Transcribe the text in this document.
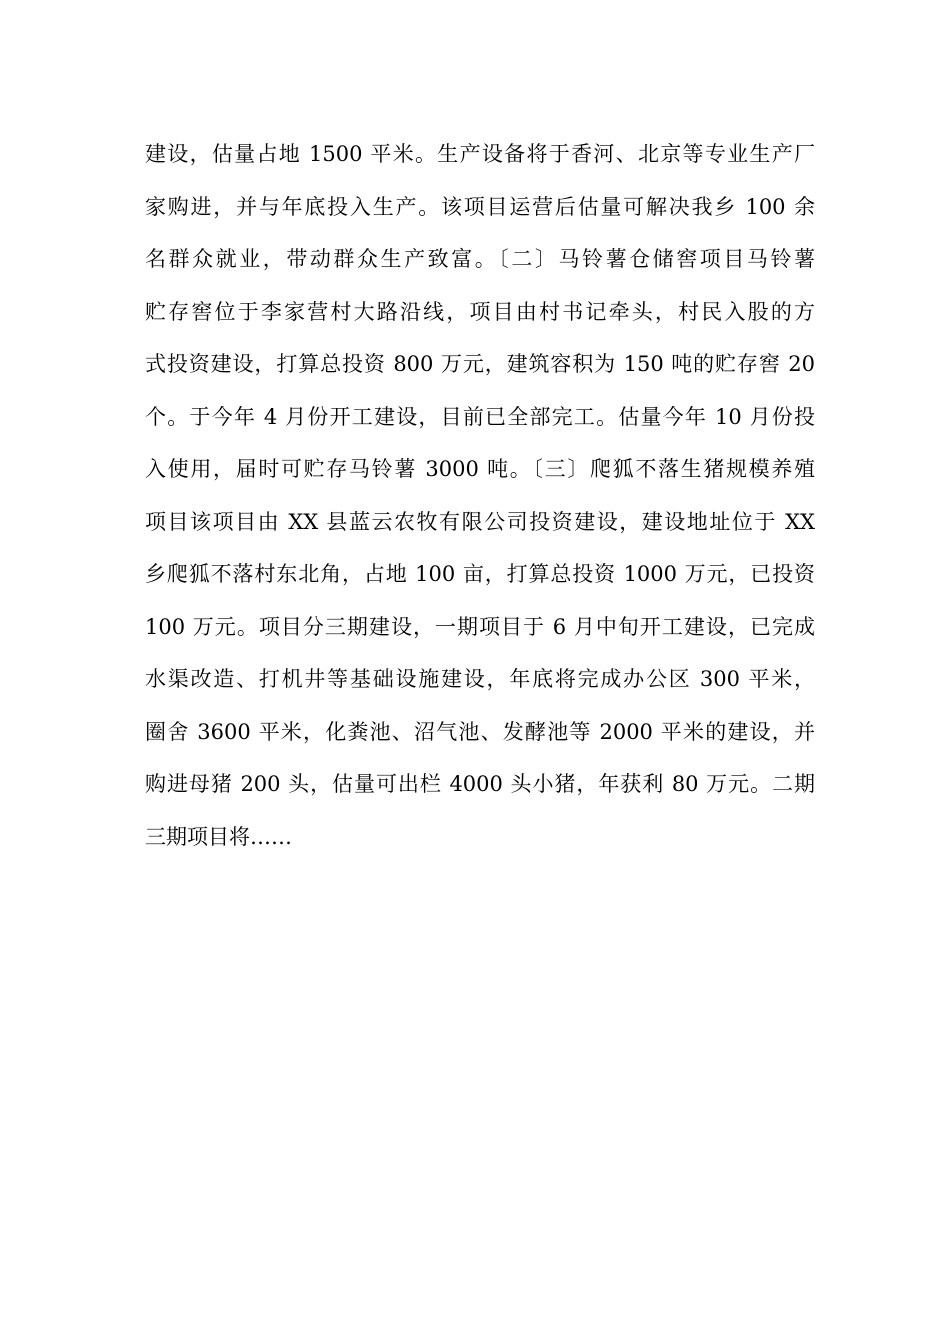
建设，估量占地 1500 平米。生产设备将于香河、北京等专业生产厂
家购进，并与年底投入生产。该项目运营后估量可解决我乡 100 余
名群众就业，带动群众生产致富。〔二〕马铃薯仓储窖项目马铃薯
贮存窖位于李家营村大路沿线，项目由村书记牵头，村民入股的方
式投资建设，打算总投资 800 万元，建筑容积为 150 吨的贮存窖 20
个。于今年 4 月份开工建设，目前已全部完工。估量今年 10 月份投
入使用，届时可贮存马铃薯 3000 吨。〔三〕爬狐不落生猪规模养殖
项目该项目由 XX 县蓝云农牧有限公司投资建设，建设地址位于 XX
乡爬狐不落村东北角，占地 100 亩，打算总投资 1000 万元，已投资
100 万元。项目分三期建设，一期项目于 6 月中旬开工建设，已完成
水渠改造、打机井等基础设施建设，年底将完成办公区 300 平米，
圈舍 3600 平米，化粪池、沼气池、发酵池等 2000 平米的建设，并
购进母猪 200 头，估量可出栏 4000 头小猪，年获利 80 万元。二期
三期项目将……
